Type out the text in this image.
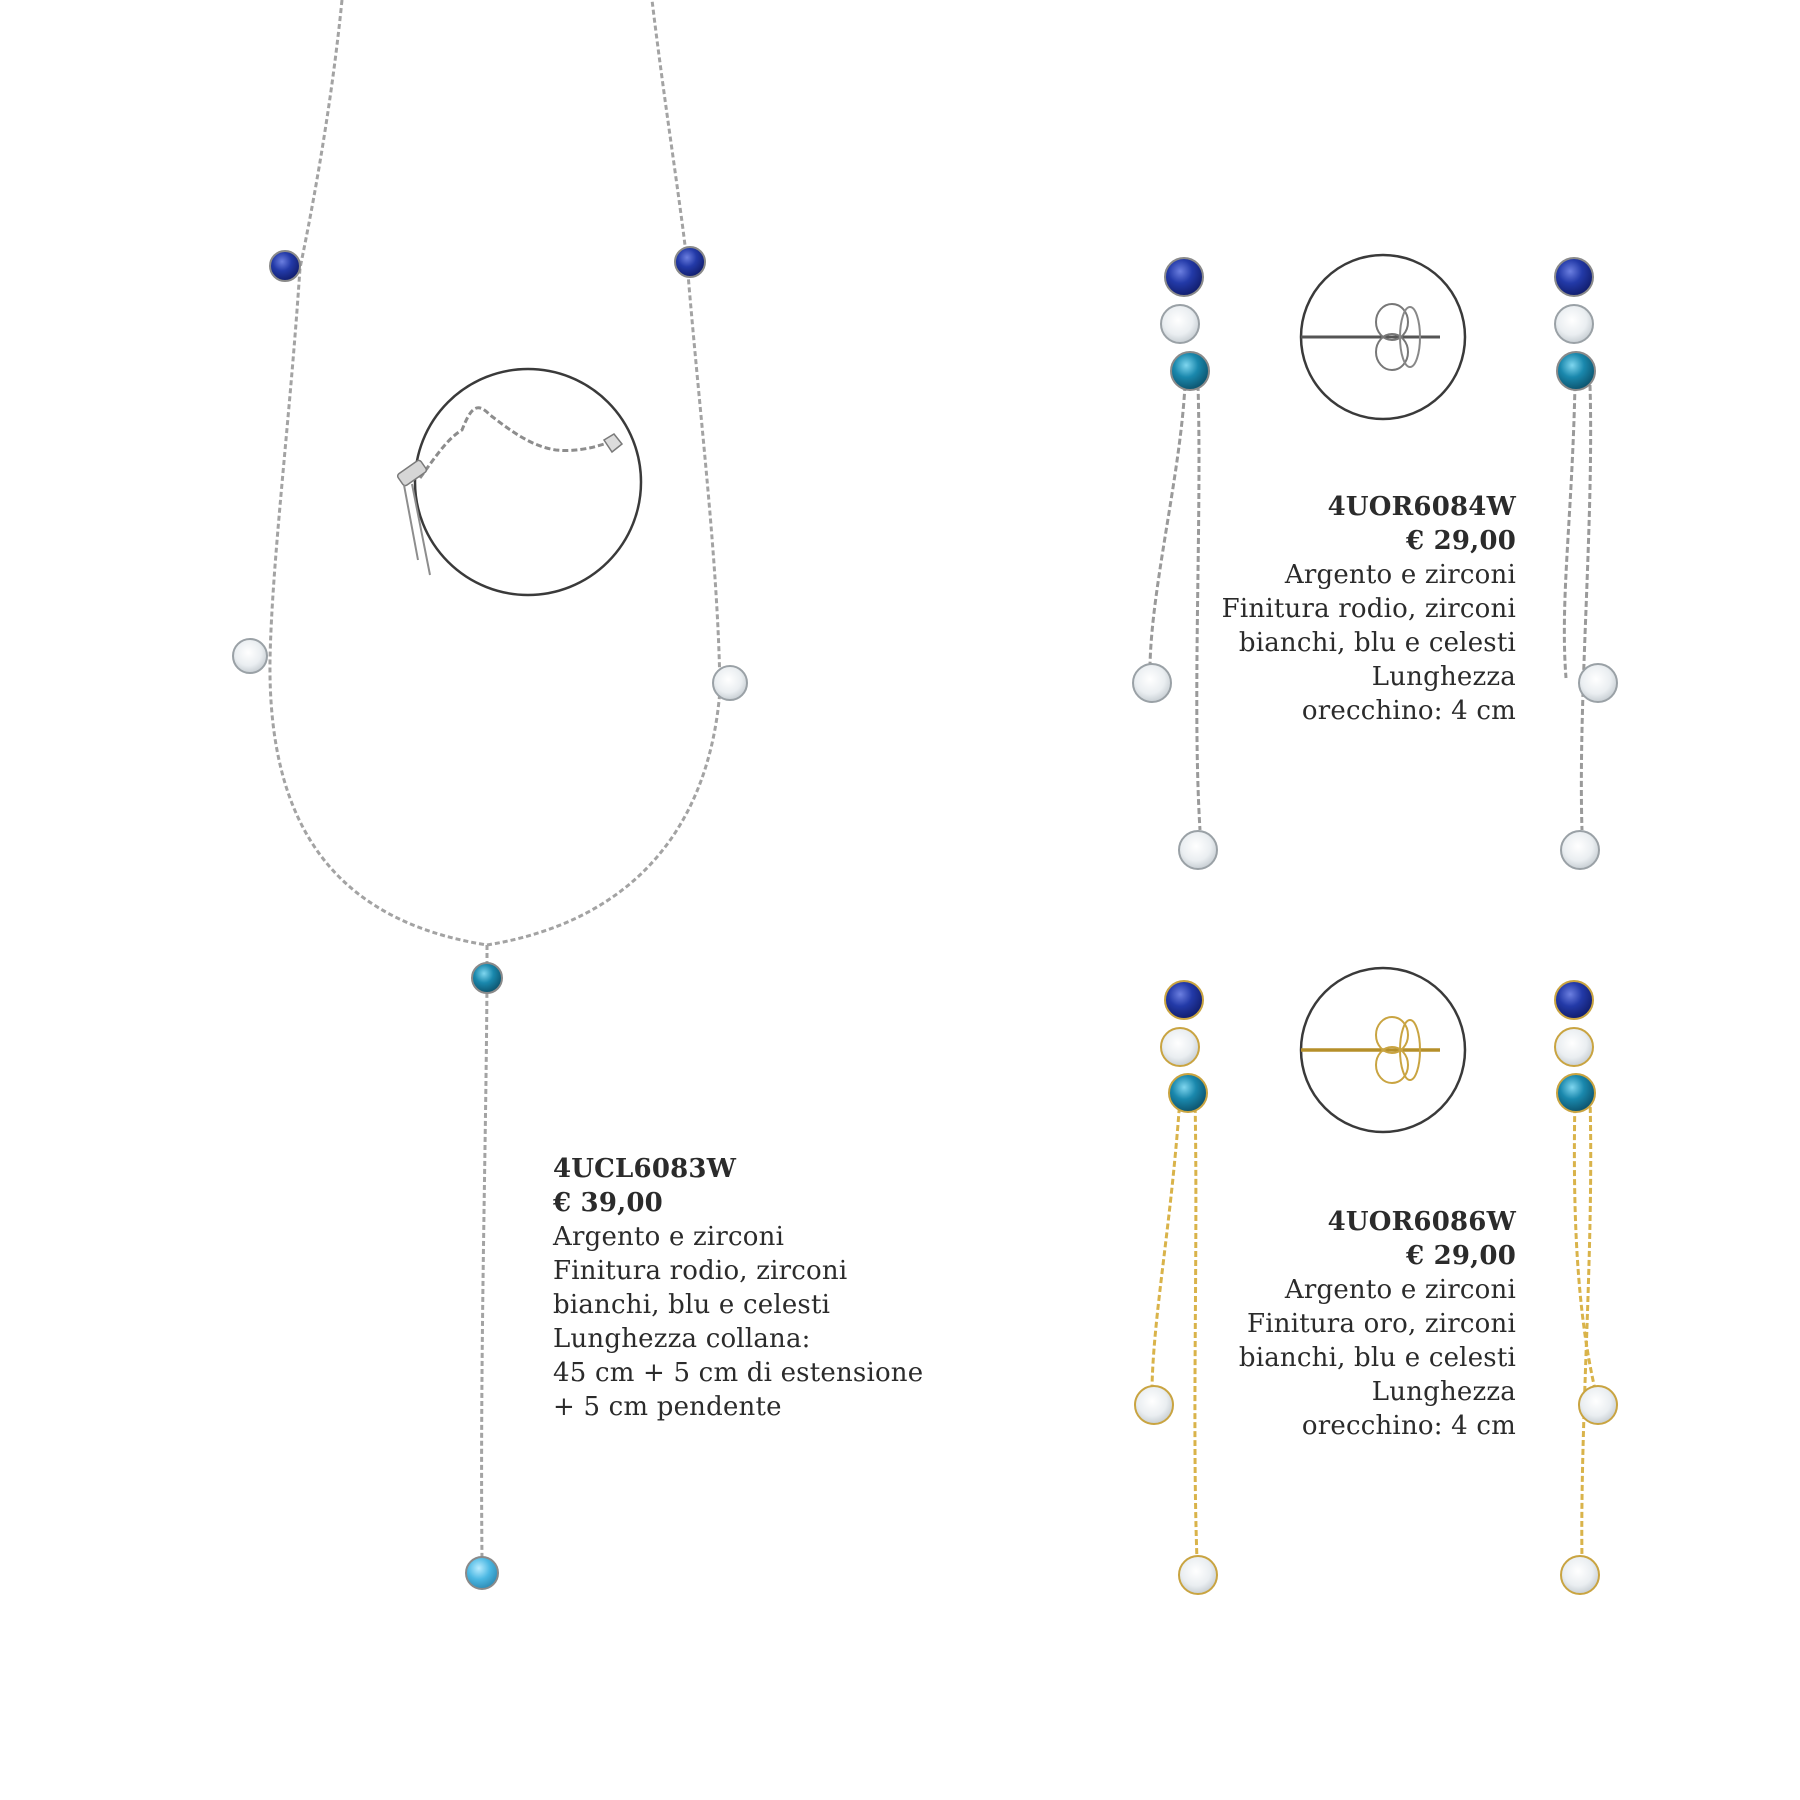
4UCL6083W
€ 39,00
Argento e zirconi
Finitura rodio, zirconi
bianchi, blu e celesti
Lunghezza collana:
45 cm + 5 cm di estensione
+ 5 cm pendente
4UOR6084W
€ 29,00
Argento e zirconi
Finitura rodio, zirconi
bianchi, blu e celesti
Lunghezza
orecchino: 4 cm
4UOR6086W
€ 29,00
Argento e zirconi
Finitura oro, zirconi
bianchi, blu e celesti
Lunghezza
orecchino: 4 cm
